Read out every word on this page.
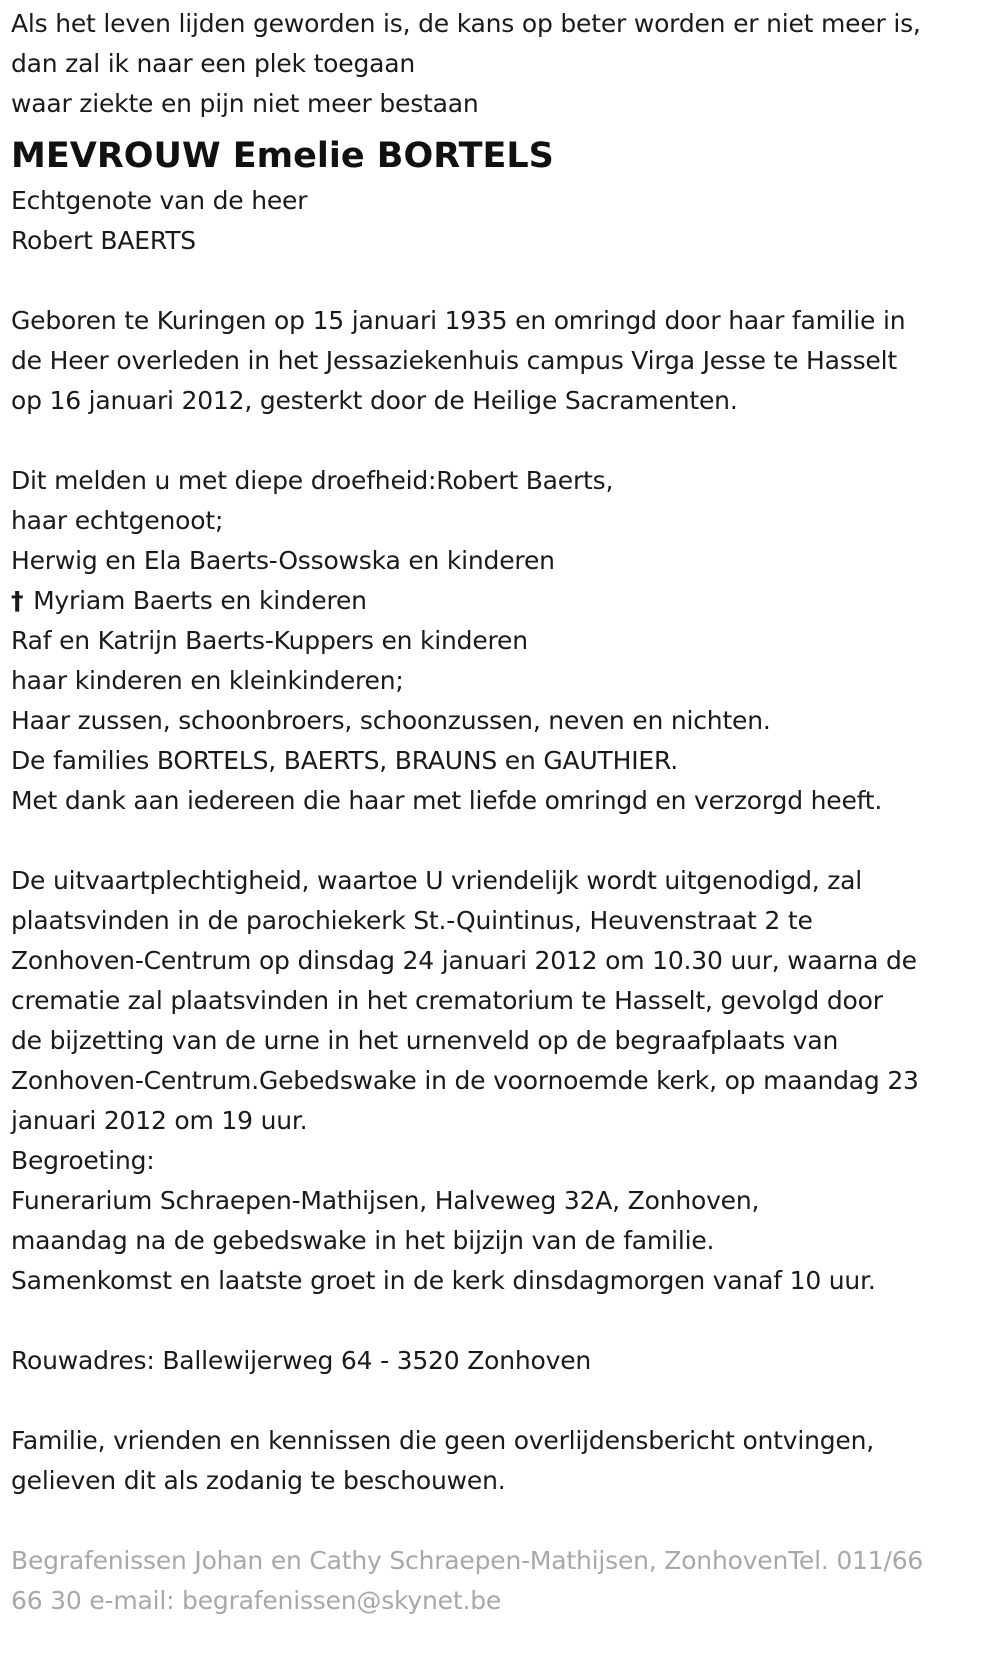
Als het leven lijden geworden is, de kans op beter worden er niet meer is,
dan zal ik naar een plek toegaan
waar ziekte en pijn niet meer bestaan
MEVROUW Emelie BORTELS
Echtgenote van de heer
Robert BAERTS
Geboren te Kuringen op 15 januari 1935 en omringd door haar familie in
de Heer overleden in het Jessaziekenhuis campus Virga Jesse te Hasselt
op 16 januari 2012, gesterkt door de Heilige Sacramenten.
Dit melden u met diepe droefheid:Robert Baerts,
haar echtgenoot;
Herwig en Ela Baerts-Ossowska en kinderen
† Myriam Baerts en kinderen
Raf en Katrijn Baerts-Kuppers en kinderen
haar kinderen en kleinkinderen;
Haar zussen, schoonbroers, schoonzussen, neven en nichten.
De families BORTELS, BAERTS, BRAUNS en GAUTHIER.
Met dank aan iedereen die haar met liefde omringd en verzorgd heeft.
De uitvaartplechtigheid, waartoe U vriendelijk wordt uitgenodigd, zal
plaatsvinden in de parochiekerk St.-Quintinus, Heuvenstraat 2 te
Zonhoven-Centrum op dinsdag 24 januari 2012 om 10.30 uur, waarna de
crematie zal plaatsvinden in het crematorium te Hasselt, gevolgd door
de bijzetting van de urne in het urnenveld op de begraafplaats van
Zonhoven-Centrum.Gebedswake in de voornoemde kerk, op maandag 23
januari 2012 om 19 uur.
Begroeting:
Funerarium Schraepen-Mathijsen, Halveweg 32A, Zonhoven,
maandag na de gebedswake in het bijzijn van de familie.
Samenkomst en laatste groet in de kerk dinsdagmorgen vanaf 10 uur.
Rouwadres: Ballewijerweg 64 - 3520 Zonhoven
Familie, vrienden en kennissen die geen overlijdensbericht ontvingen,
gelieven dit als zodanig te beschouwen.
Begrafenissen Johan en Cathy Schraepen-Mathijsen, ZonhovenTel. 011/66
66 30 e-mail: begrafenissen@skynet.be
